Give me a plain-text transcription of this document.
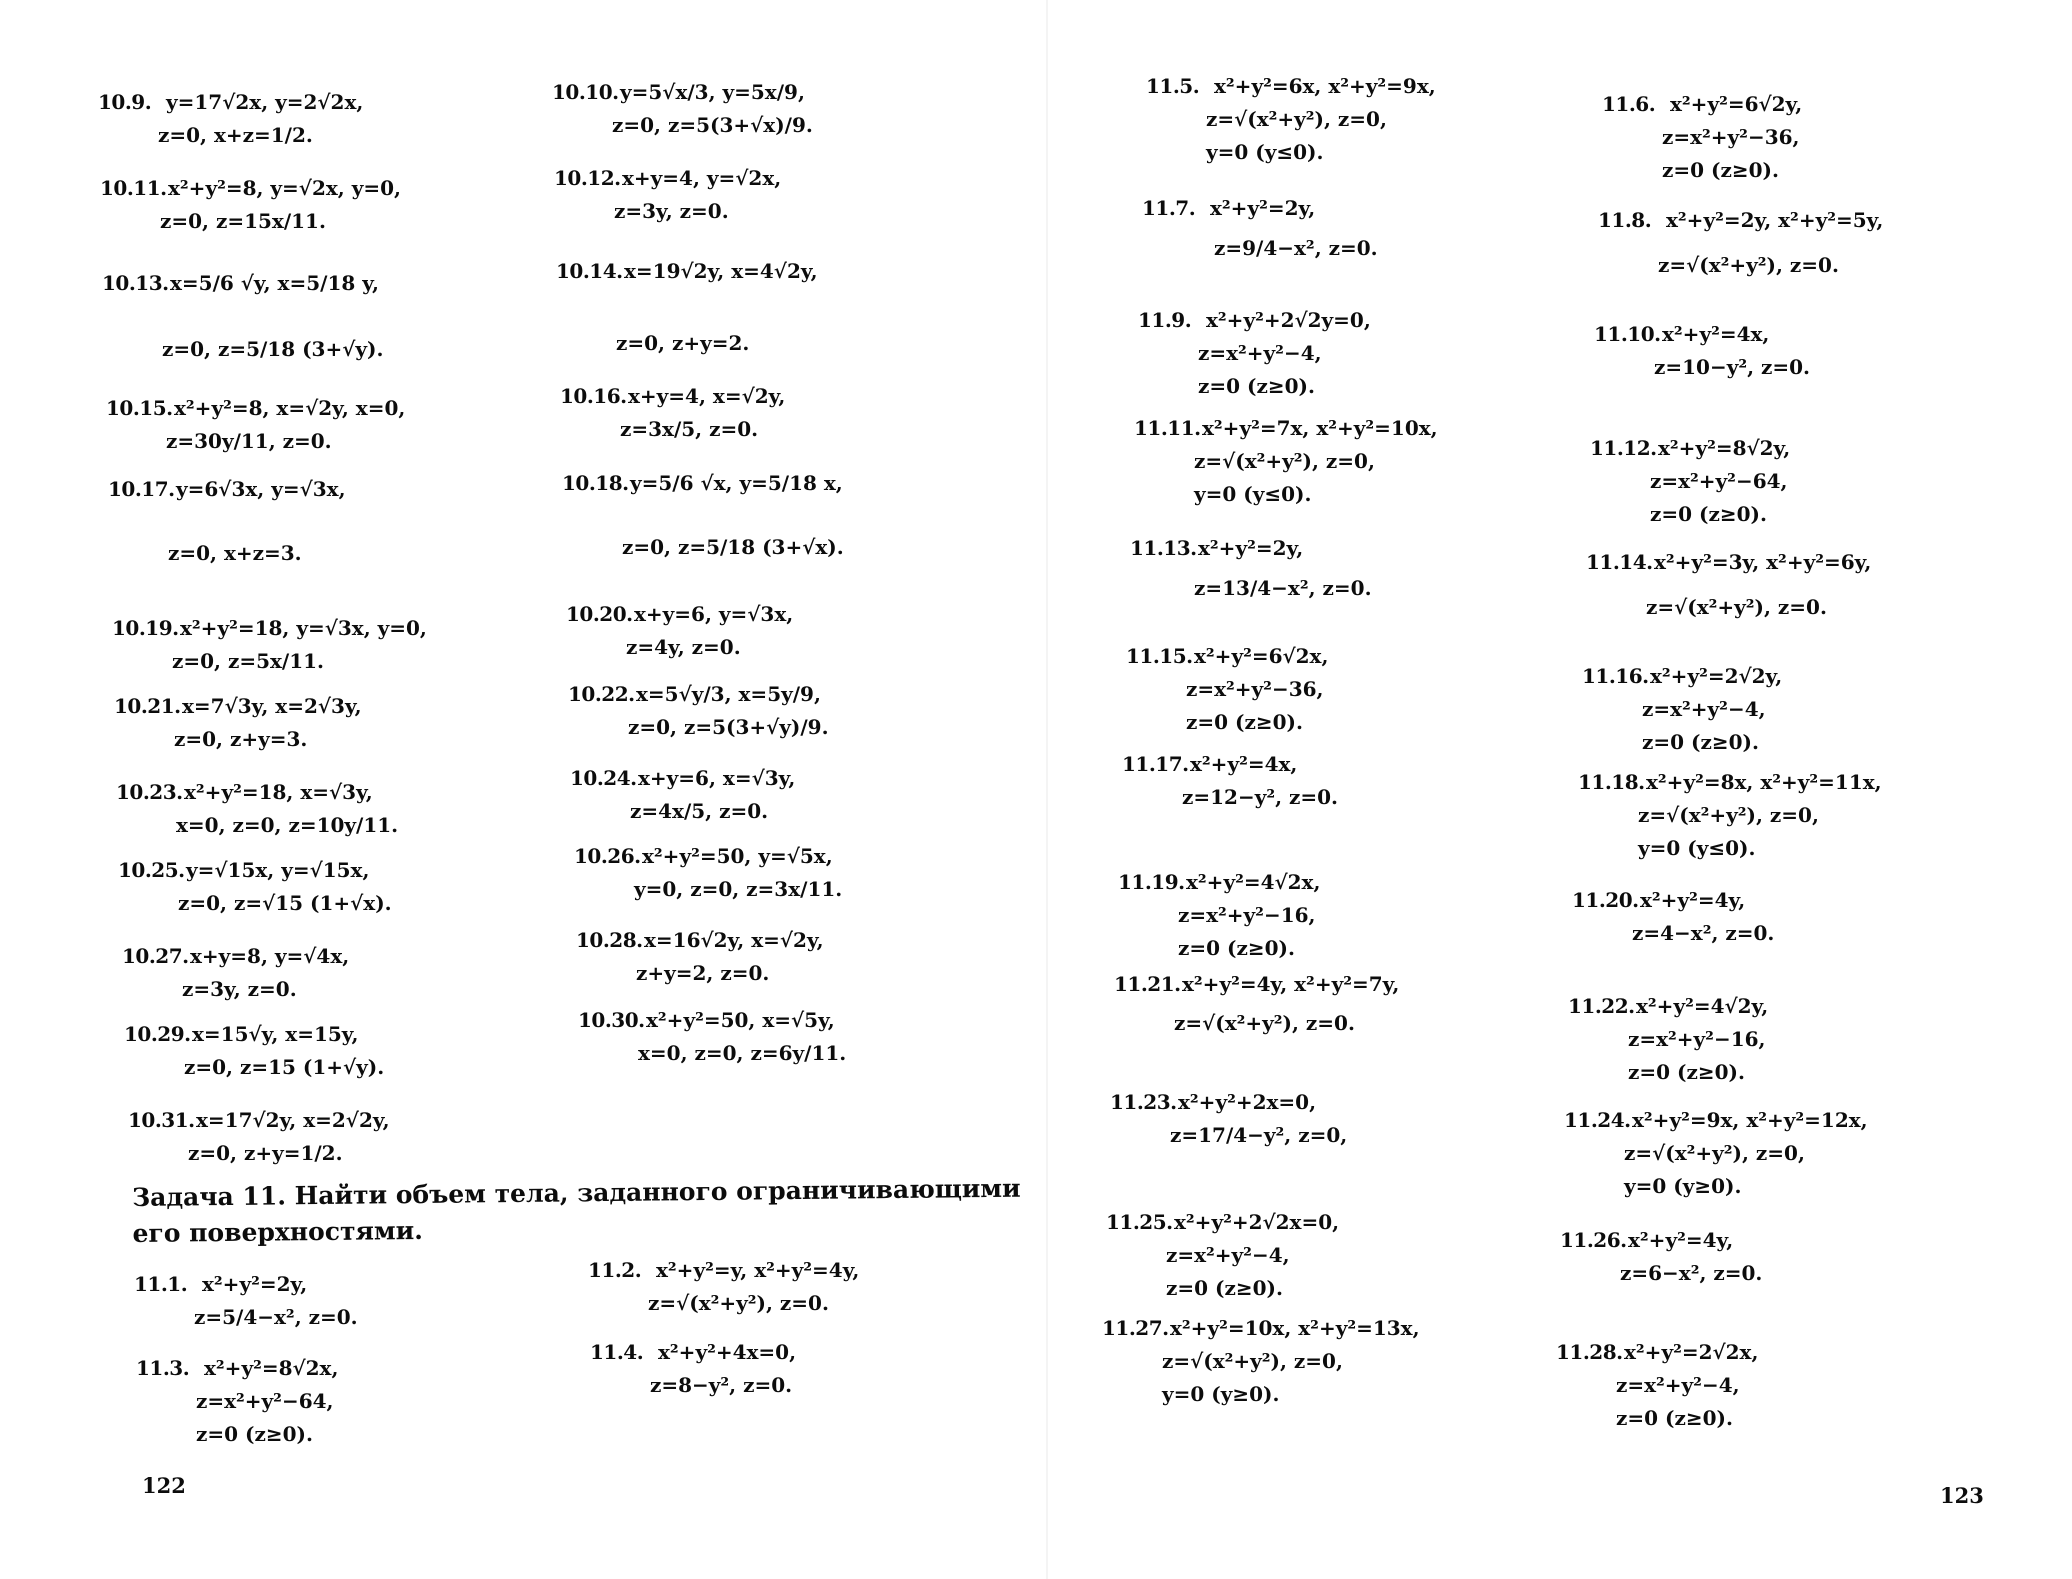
10.9. y=17√2x, y=2√2x,
z=0, x+z=1/2.
10.10.y=5√x/3, y=5x/9,
z=0, z=5(3+√x)/9.
10.11.x²+y²=8, y=√2x, y=0,
z=0, z=15x/11.
10.12.x+y=4, y=√2x,
z=3y, z=0.
10.13.x=5/6 √y, x=5/18 y,
z=0, z=5/18 (3+√y).
10.14.x=19√2y, x=4√2y,
z=0, z+y=2.
10.15.x²+y²=8, x=√2y, x=0,
z=30y/11, z=0.
10.16.x+y=4, x=√2y,
z=3x/5, z=0.
10.17.y=6√3x, y=√3x,
z=0, x+z=3.
10.18.y=5/6 √x, y=5/18 x,
z=0, z=5/18 (3+√x).
10.19.x²+y²=18, y=√3x, y=0,
z=0, z=5x/11.
10.20.x+y=6, y=√3x,
z=4y, z=0.
10.21.x=7√3y, x=2√3y,
z=0, z+y=3.
10.22.x=5√y/3, x=5y/9,
z=0, z=5(3+√y)/9.
10.23.x²+y²=18, x=√3y,
x=0, z=0, z=10y/11.
10.24.x+y=6, x=√3y,
z=4x/5, z=0.
10.25.y=√15x, y=√15x,
z=0, z=√15 (1+√x).
10.26.x²+y²=50, y=√5x,
y=0, z=0, z=3x/11.
10.27.x+y=8, y=√4x,
z=3y, z=0.
10.28.x=16√2y, x=√2y,
z+y=2, z=0.
10.29.x=15√y, x=15y,
z=0, z=15 (1+√y).
10.30.x²+y²=50, x=√5y,
x=0, z=0, z=6y/11.
10.31.x=17√2y, x=2√2y,
z=0, z+y=1/2.
Задача 11. Найти объем тела, заданного ограничивающими его поверхностями.
11.1. x²+y²=2y,
z=5/4−x², z=0.
11.2. x²+y²=y, x²+y²=4y,
z=√(x²+y²), z=0.
11.3. x²+y²=8√2x,
z=x²+y²−64,
z=0 (z≥0).
11.4. x²+y²+4x=0,
z=8−y², z=0.
122
11.5. x²+y²=6x, x²+y²=9x,
z=√(x²+y²), z=0,
y=0 (y≤0).
11.6. x²+y²=6√2y,
z=x²+y²−36,
z=0 (z≥0).
11.7. x²+y²=2y,
z=9/4−x², z=0.
11.8. x²+y²=2y, x²+y²=5y,
z=√(x²+y²), z=0.
11.9. x²+y²+2√2y=0,
z=x²+y²−4,
z=0 (z≥0).
11.10.x²+y²=4x,
z=10−y², z=0.
11.11.x²+y²=7x, x²+y²=10x,
z=√(x²+y²), z=0,
y=0 (y≤0).
11.12.x²+y²=8√2y,
z=x²+y²−64,
z=0 (z≥0).
11.13.x²+y²=2y,
z=13/4−x², z=0.
11.14.x²+y²=3y, x²+y²=6y,
z=√(x²+y²), z=0.
11.15.x²+y²=6√2x,
z=x²+y²−36,
z=0 (z≥0).
11.16.x²+y²=2√2y,
z=x²+y²−4,
z=0 (z≥0).
11.17.x²+y²=4x,
z=12−y², z=0.
11.18.x²+y²=8x, x²+y²=11x,
z=√(x²+y²), z=0,
y=0 (y≤0).
11.19.x²+y²=4√2x,
z=x²+y²−16,
z=0 (z≥0).
11.20.x²+y²=4y,
z=4−x², z=0.
11.21.x²+y²=4y, x²+y²=7y,
z=√(x²+y²), z=0.
11.22.x²+y²=4√2y,
z=x²+y²−16,
z=0 (z≥0).
11.23.x²+y²+2x=0,
z=17/4−y², z=0,
11.24.x²+y²=9x, x²+y²=12x,
z=√(x²+y²), z=0,
y=0 (y≥0).
11.25.x²+y²+2√2x=0,
z=x²+y²−4,
z=0 (z≥0).
11.26.x²+y²=4y,
z=6−x², z=0.
11.27.x²+y²=10x, x²+y²=13x,
z=√(x²+y²), z=0,
y=0 (y≥0).
11.28.x²+y²=2√2x,
z=x²+y²−4,
z=0 (z≥0).
123
